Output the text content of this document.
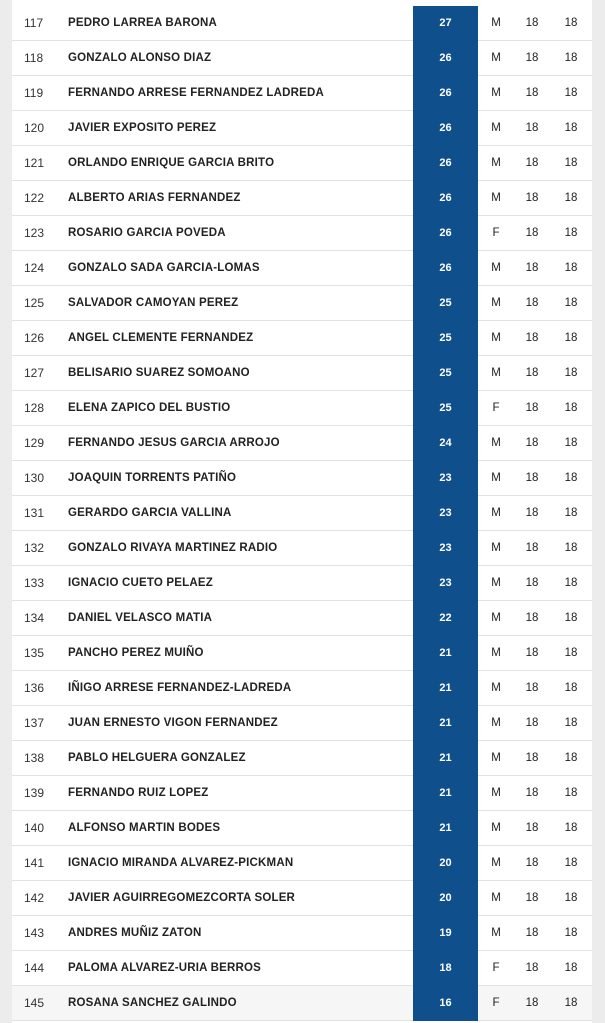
117	PEDRO LARREA BARONA	27	M	18	18
118	GONZALO ALONSO DIAZ	26	M	18	18
119	FERNANDO ARRESE FERNANDEZ LADREDA	26	M	18	18
120	JAVIER EXPOSITO PEREZ	26	M	18	18
121	ORLANDO ENRIQUE GARCIA BRITO	26	M	18	18
122	ALBERTO ARIAS FERNANDEZ	26	M	18	18
123	ROSARIO GARCIA POVEDA	26	F	18	18
124	GONZALO SADA GARCIA-LOMAS	26	M	18	18
125	SALVADOR CAMOYAN PEREZ	25	M	18	18
126	ANGEL CLEMENTE FERNANDEZ	25	M	18	18
127	BELISARIO SUAREZ SOMOANO	25	M	18	18
128	ELENA ZAPICO DEL BUSTIO	25	F	18	18
129	FERNANDO JESUS GARCIA ARROJO	24	M	18	18
130	JOAQUIN TORRENTS PATIÑO	23	M	18	18
131	GERARDO GARCIA VALLINA	23	M	18	18
132	GONZALO RIVAYA MARTINEZ RADIO	23	M	18	18
133	IGNACIO CUETO PELAEZ	23	M	18	18
134	DANIEL VELASCO MATIA	22	M	18	18
135	PANCHO PEREZ MUIÑO	21	M	18	18
136	IÑIGO ARRESE FERNANDEZ-LADREDA	21	M	18	18
137	JUAN ERNESTO VIGON FERNANDEZ	21	M	18	18
138	PABLO HELGUERA GONZALEZ	21	M	18	18
139	FERNANDO RUIZ LOPEZ	21	M	18	18
140	ALFONSO MARTIN BODES	21	M	18	18
141	IGNACIO MIRANDA ALVAREZ-PICKMAN	20	M	18	18
142	JAVIER AGUIRREGOMEZCORTA SOLER	20	M	18	18
143	ANDRES MUÑIZ ZATON	19	M	18	18
144	PALOMA ALVAREZ-URIA BERROS	18	F	18	18
145	ROSANA SANCHEZ GALINDO	16	F	18	18
